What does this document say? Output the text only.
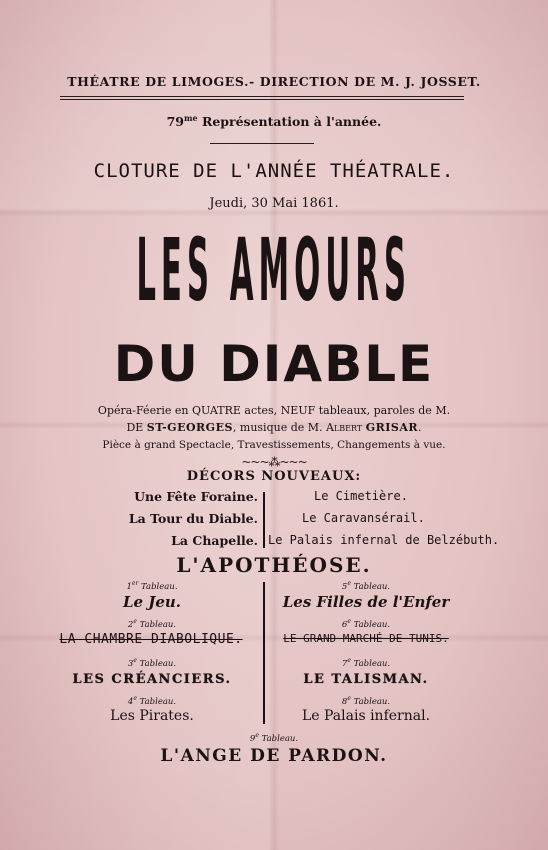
THÉATRE DE LIMOGES.- DIRECTION DE M. J. JOSSET.
$79^{me}$ Représentation à l'année.
CLOTURE DE L'ANNÉE THÉATRALE.
Jeudi, 30 Mai 1861.
LES AMOURS
DU DIABLE
Opéra-Féerie en QUATRE actes, NEUF tableaux, paroles de M.
DE ST-GEORGES, musique de M. Albert GRISAR.
Pièce à grand Spectacle, Travestissements, Changements à vue.
~~~⁂~~~
DÉCORS NOUVEAUX:
Une Fête Foraine.
La Tour du Diable.
La Chapelle.
Le Cimetière.
Le Caravansérail.
Le Palais infernal de Belzébuth.
L'APOTHÉOSE.
1er Tableau.
Le Jeu.
2e Tableau.
LA CHAMBRE DIABOLIQUE.
3e Tableau.
LES CRÉANCIERS.
4e Tableau.
Les Pirates.
5e Tableau.
Les Filles de l'Enfer
6e Tableau.
LE GRAND MARCHÉ DE TUNIS.
7e Tableau.
LE TALISMAN.
8e Tableau.
Le Palais infernal.
9e Tableau.
L'ANGE DE PARDON.
